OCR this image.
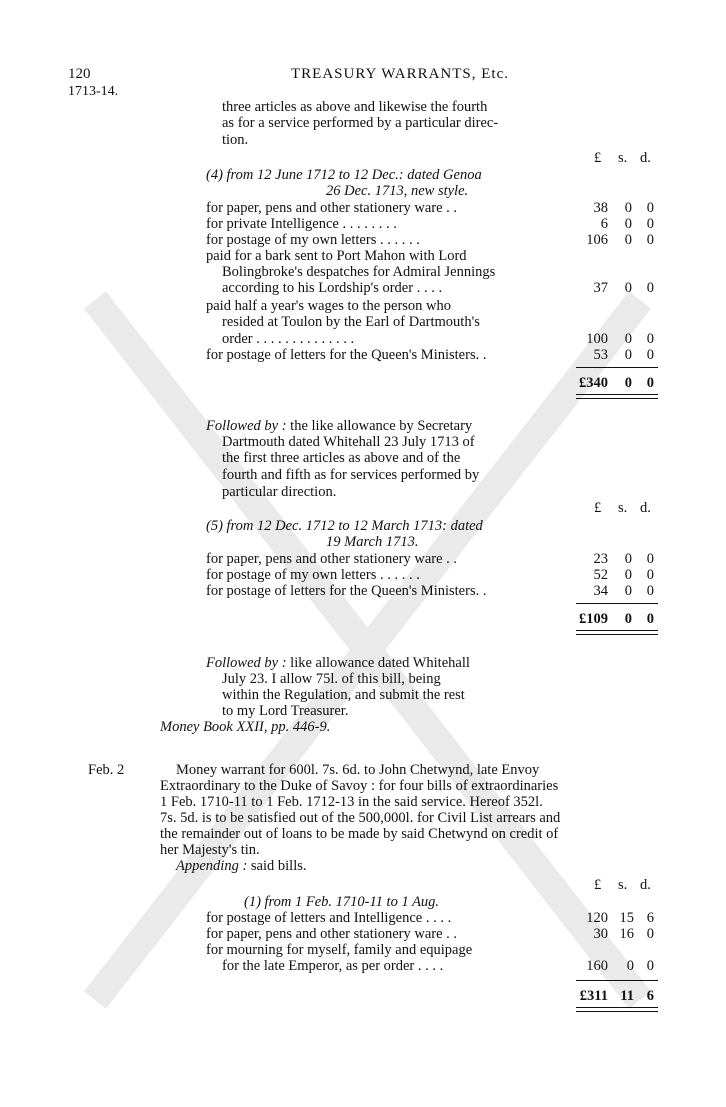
120
1713-14.
TREASURY WARRANTS, Etc.
three articles as above and likewise the fourth
as for a service performed by a particular direc-
tion.
£ s. d.
(4) from 12 June 1712 to 12 Dec.: dated Genoa
26 Dec. 1713, new style.
for paper, pens and other stationery ware . .	38	0	0
for private Intelligence . . . . . . . .	6	0	0
for postage of my own letters . . . . . .	106	0	0
paid for a bark sent to Port Mahon with Lord
Bolingbroke's despatches for Admiral Jennings
according to his Lordship's order . . . .	37	0	0
paid half a year's wages to the person who
resided at Toulon by the Earl of Dartmouth's
order . . . . . . . . . . . . . .	100	0	0
for postage of letters for the Queen's Ministers. .	53	0	0
£340	0	0
Followed by : the like allowance by Secretary
Dartmouth dated Whitehall 23 July 1713 of
the first three articles as above and of the
fourth and fifth as for services performed by
particular direction.
£ s. d.
(5) from 12 Dec. 1712 to 12 March 1713: dated
19 March 1713.
for paper, pens and other stationery ware . .	23	0	0
for postage of my own letters . . . . . .	52	0	0
for postage of letters for the Queen's Ministers. .	34	0	0
£109	0	0
Followed by : like allowance dated Whitehall
July 23. I allow 75l. of this bill, being
within the Regulation, and submit the rest
to my Lord Treasurer.
Money Book XXII, pp. 446-9.
Feb. 2	Money warrant for 600l. 7s. 6d. to John Chetwynd, late Envoy
Extraordinary to the Duke of Savoy : for four bills of extraordinaries
1 Feb. 1710-11 to 1 Feb. 1712-13 in the said service. Hereof 352l.
7s. 5d. is to be satisfied out of the 500,000l. for Civil List arrears and
the remainder out of loans to be made by said Chetwynd on credit of
her Majesty's tin.
Appending : said bills.
£ s. d.
(1) from 1 Feb. 1710-11 to 1 Aug.
for postage of letters and Intelligence . . . .	120 15 6
for paper, pens and other stationery ware . .	30 16 0
for mourning for myself, family and equipage
for the late Emperor, as per order . . . .	160	0 0
£311 11 6
